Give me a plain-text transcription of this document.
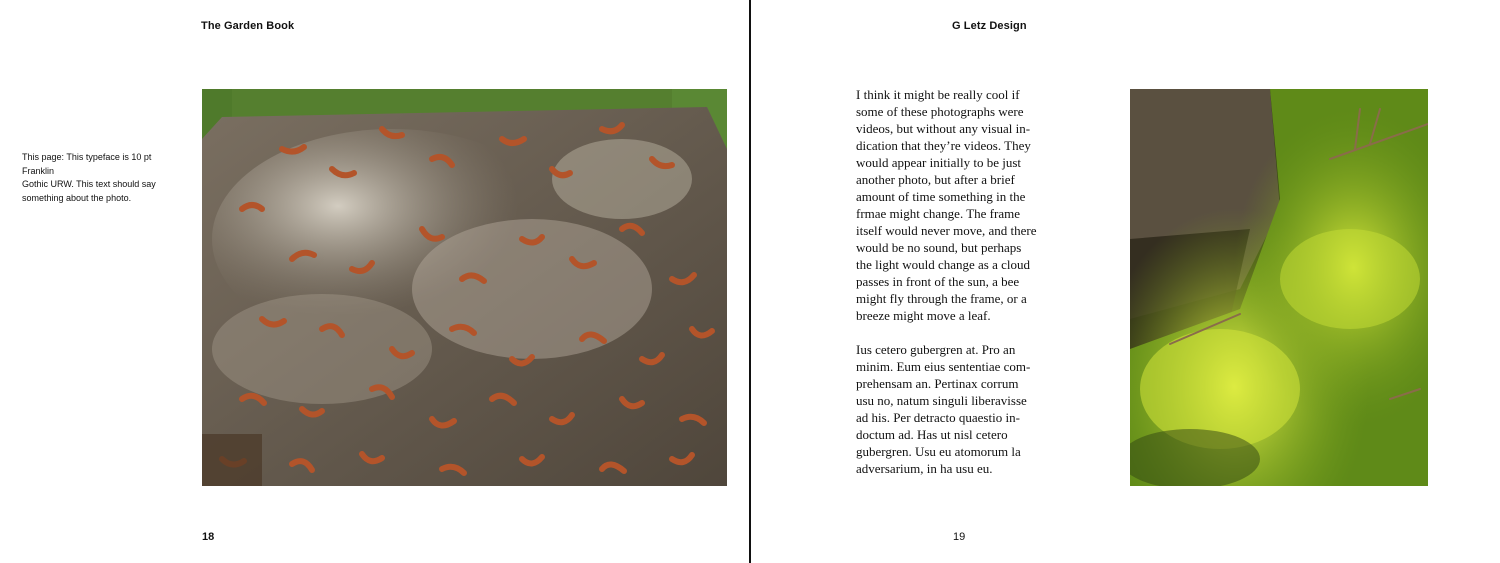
The Garden Book
This page: This typeface is 10 pt Franklin
Gothic URW. This text should say
something about the photo.
18
G Letz Design

I think it might be really cool if
some of these photographs were
videos, but without any visual in-
dication that they’re videos. They
would appear initially to be just
another photo, but after a brief
amount of time something in the
frmae might change. The frame
itself would never move, and there
would be no sound, but perhaps
the light would change as a cloud
passes in front of the sun, a bee
might fly through the frame, or a
breeze might move a leaf.

Ius cetero gubergren at. Pro an
minim. Eum eius sententiae com-
prehensam an. Pertinax corrum
usu no, natum singuli liberavisse
ad his. Per detracto quaestio in-
doctum ad. Has ut nisl cetero
gubergren. Usu eu atomorum la
adversarium, in ha usu eu.

19
